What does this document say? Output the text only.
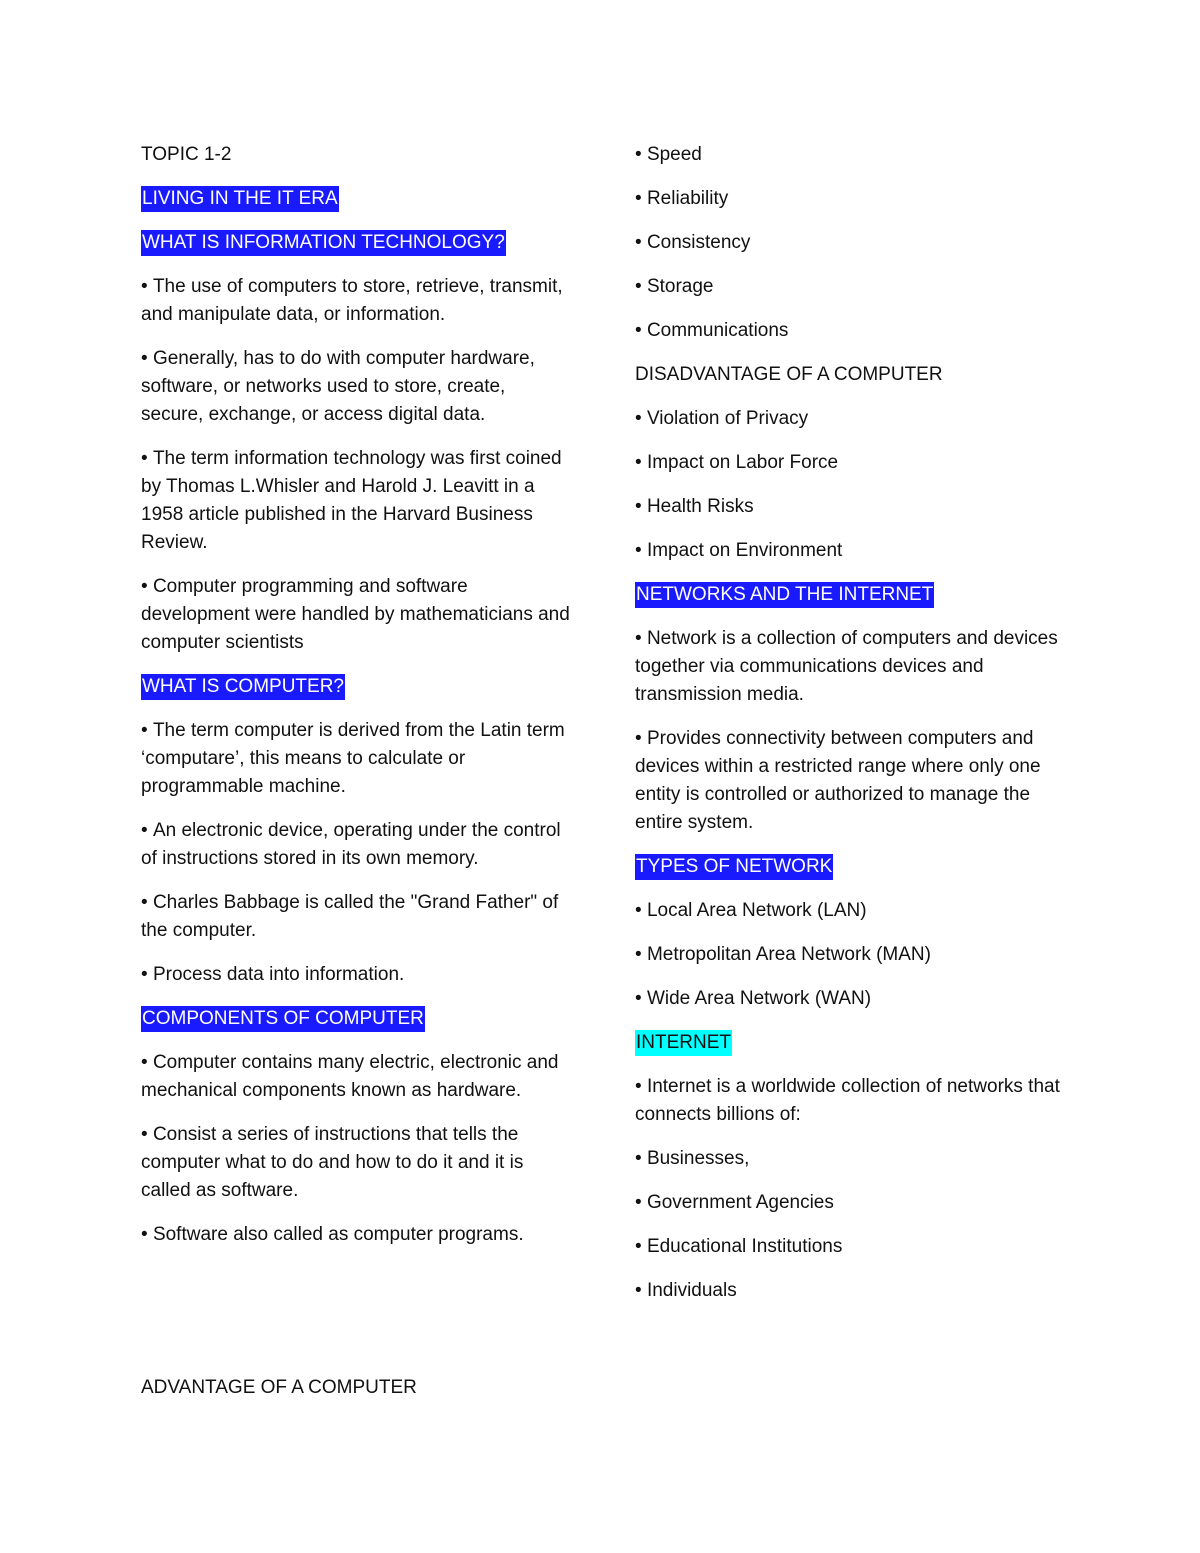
TOPIC 1-2
LIVING IN THE IT ERA
WHAT IS INFORMATION TECHNOLOGY?
• The use of computers to store, retrieve, transmit, and manipulate data, or information.
• Generally, has to do with computer hardware, software, or networks used to store, create, secure, exchange, or access digital data.
• The term information technology was first coined by Thomas L.Whisler and Harold J. Leavitt in a 1958 article published in the Harvard Business Review.
• Computer programming and software development were handled by mathematicians and computer scientists
WHAT IS COMPUTER?
• The term computer is derived from the Latin term ‘computare’, this means to calculate or programmable machine.
• An electronic device, operating under the control of instructions stored in its own memory.
• Charles Babbage is called the "Grand Father" of the computer.
• Process data into information.
COMPONENTS OF COMPUTER
• Computer contains many electric, electronic and mechanical components known as hardware.
• Consist a series of instructions that tells the computer what to do and how to do it and it is called as software.
• Software also called as computer programs.
ADVANTAGE OF A COMPUTER
• Speed
• Reliability
• Consistency
• Storage
• Communications
DISADVANTAGE OF A COMPUTER
• Violation of Privacy
• Impact on Labor Force
• Health Risks
• Impact on Environment
NETWORKS AND THE INTERNET
• Network is a collection of computers and devices together via communications devices and transmission media.
• Provides connectivity between computers and devices within a restricted range where only one entity is controlled or authorized to manage the entire system.
TYPES OF NETWORK
• Local Area Network (LAN)
• Metropolitan Area Network (MAN)
• Wide Area Network (WAN)
INTERNET
• Internet is a worldwide collection of networks that connects billions of:
• Businesses,
• Government Agencies
• Educational Institutions
• Individuals
